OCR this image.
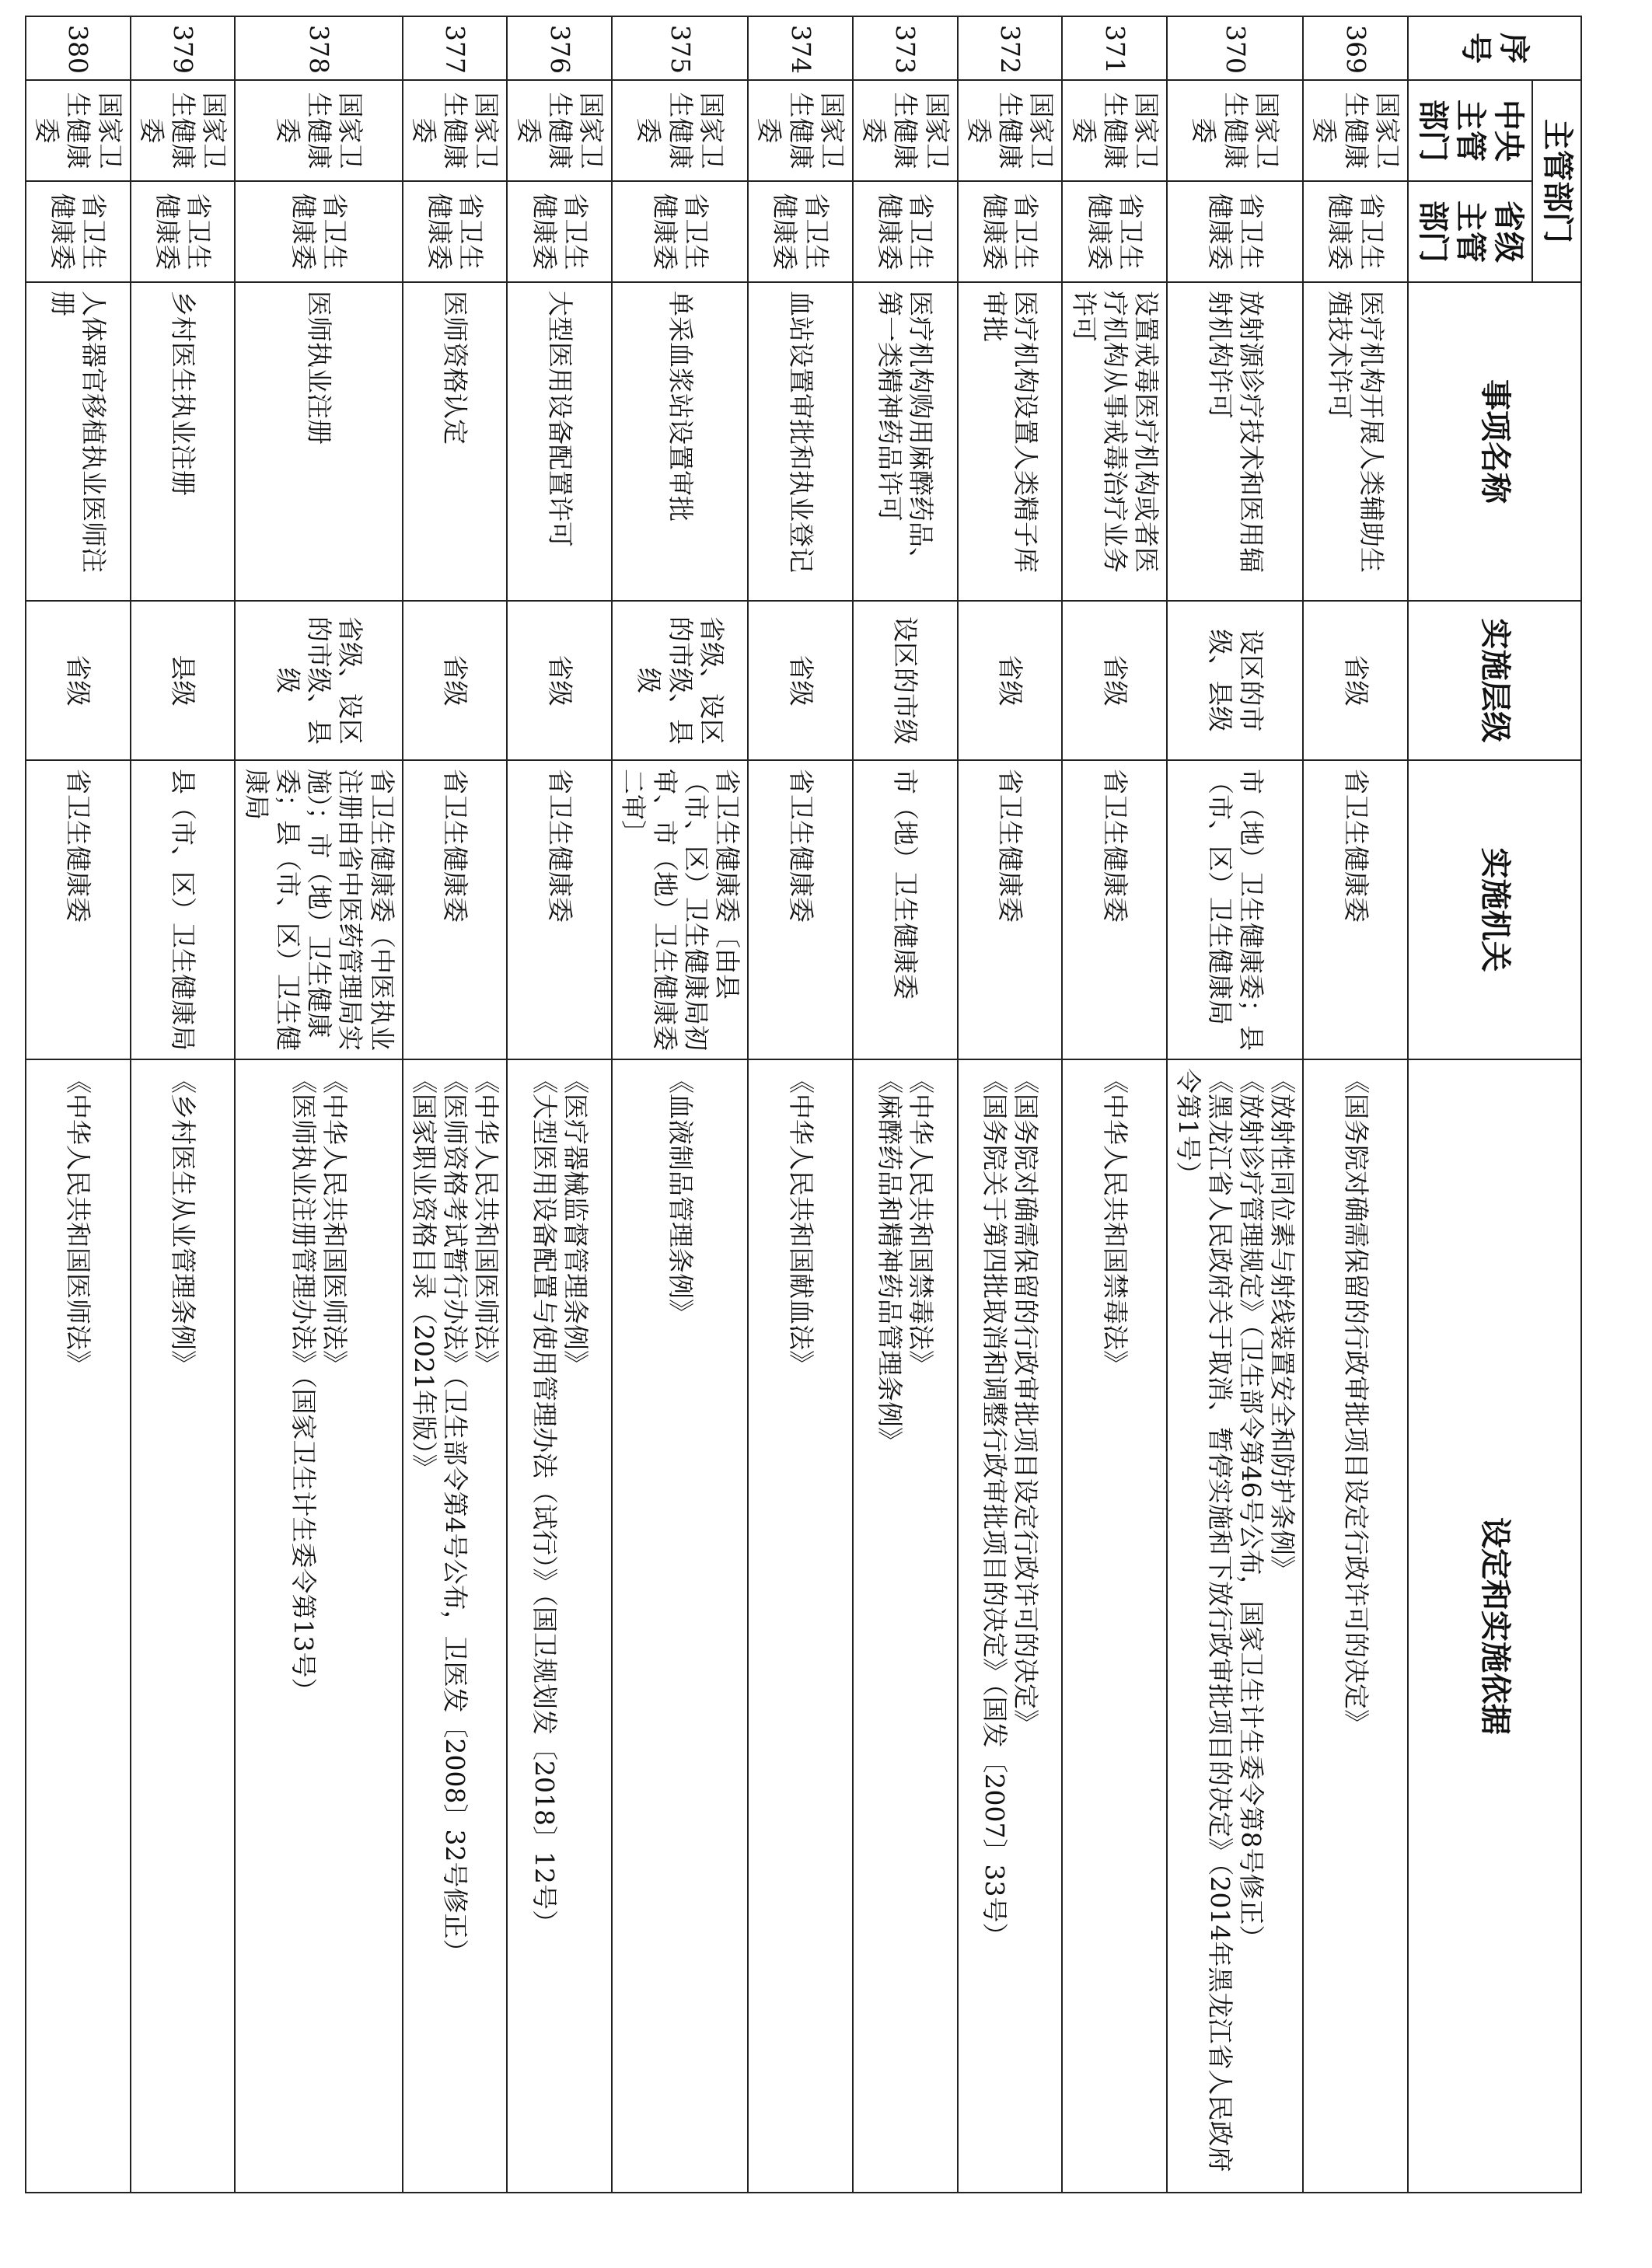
序号	主管部门		事项名称	实施层级	实施机关	设定和实施依据
	中央主管部门	省级主管部门				
369	国家卫生健康委	省卫生健康委	医疗机构开展人类辅助生殖技术许可	省级	省卫生健康委	《国务院对确需保留的行政审批项目设定行政许可的决定》

370	国家卫生健康委	省卫生健康委	放射源诊疗技术和医用辐射机构许可	设区的市级、县级	市（地）卫生健康委；县（市、区）卫生健康局	《放射性同位素与射线装置安全和防护条例》
《放射诊疗管理规定》（卫生部令第46号公布，国家卫生计生委令第8号修正）
《黑龙江省人民政府关于取消、暂停实施和下放行政审批项目的决定》（2014年黑龙江省人民政府令第1号）

371	国家卫生健康委	省卫生健康委	设置戒毒医疗机构或者医疗机构从事戒毒治疗业务许可	省级	省卫生健康委	《中华人民共和国禁毒法》

372	国家卫生健康委	省卫生健康委	医疗机构设置人类精子库审批	省级	省卫生健康委	《国务院对确需保留的行政审批项目设定行政许可的决定》
《国务院关于第四批取消和调整行政审批项目的决定》（国发〔2007〕33号）

373	国家卫生健康委	省卫生健康委	医疗机构购用麻醉药品、第一类精神药品许可	设区的市级	市（地）卫生健康委	《中华人民共和国禁毒法》
《麻醉药品和精神药品管理条例》

374	国家卫生健康委	省卫生健康委	血站设置审批和执业登记	省级	省卫生健康委	《中华人民共和国献血法》

375	国家卫生健康委	省卫生健康委	单采血浆站设置审批	省级、设区的市级、县级	省卫生健康委〔由县（市、区）卫生健康局初审、市（地）卫生健康委二审〕	《血液制品管理条例》

376	国家卫生健康委	省卫生健康委	大型医用设备配置许可	省级	省卫生健康委	《医疗器械监督管理条例》
《大型医用设备配置与使用管理办法（试行）》（国卫规划发〔2018〕12号）

377	国家卫生健康委	省卫生健康委	医师资格认定	省级	省卫生健康委	《中华人民共和国医师法》
《医师资格考试暂行办法》（卫生部令第4号公布，卫医发〔2008〕32号修正）
《国家职业资格目录（2021年版）》

378	国家卫生健康委	省卫生健康委	医师执业注册	省级、设区的市级、县级	省卫生健康委（中医执业注册由省中医药管理局实施）；市（地）卫生健康委；县（市、区）卫生健康局	《中华人民共和国医师法》
《医师执业注册管理办法》（国家卫生计生委令第13号）

379	国家卫生健康委	省卫生健康委	乡村医生执业注册	县级	县（市、区）卫生健康局	《乡村医生从业管理条例》

380	国家卫生健康委	省卫生健康委	人体器官移植执业医师注册	省级	省卫生健康委	《中华人民共和国医师法》
